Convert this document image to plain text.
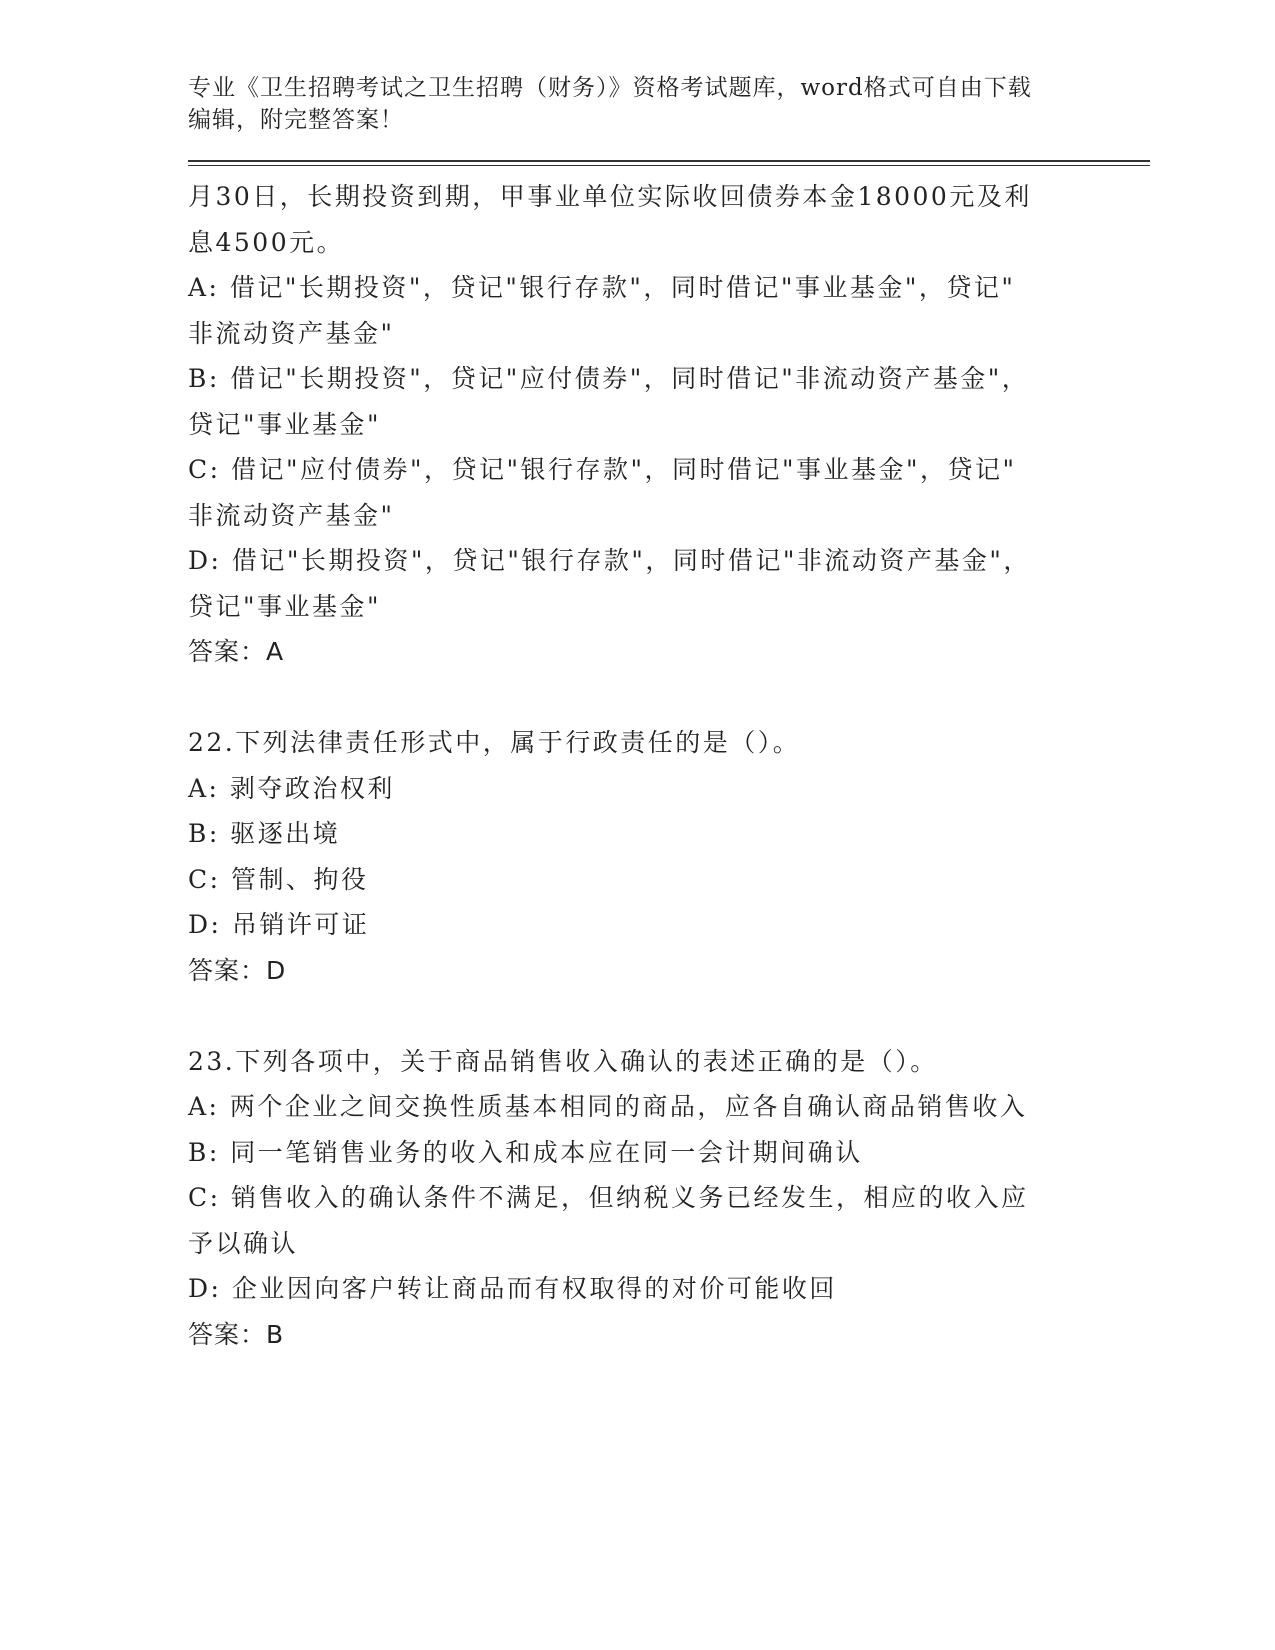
专业《卫生招聘考试之卫生招聘（财务）》资格考试题库，word格式可自由下载
编辑，附完整答案！
月30日，长期投资到期，甲事业单位实际收回债券本金18000元及利
息4500元。
A: 借记"长期投资"，贷记"银行存款"，同时借记"事业基金"，贷记"
非流动资产基金"
B: 借记"长期投资"，贷记"应付债券"，同时借记"非流动资产基金"，
贷记"事业基金"
C: 借记"应付债券"，贷记"银行存款"，同时借记"事业基金"，贷记"
非流动资产基金"
D: 借记"长期投资"，贷记"银行存款"，同时借记"非流动资产基金"，
贷记"事业基金"
答案：A
22.下列法律责任形式中，属于行政责任的是（）。
A: 剥夺政治权利
B: 驱逐出境
C: 管制、拘役
D: 吊销许可证
答案：D
23.下列各项中，关于商品销售收入确认的表述正确的是（）。
A: 两个企业之间交换性质基本相同的商品，应各自确认商品销售收入
B: 同一笔销售业务的收入和成本应在同一会计期间确认
C: 销售收入的确认条件不满足，但纳税义务已经发生，相应的收入应
予以确认
D: 企业因向客户转让商品而有权取得的对价可能收回
答案：B
